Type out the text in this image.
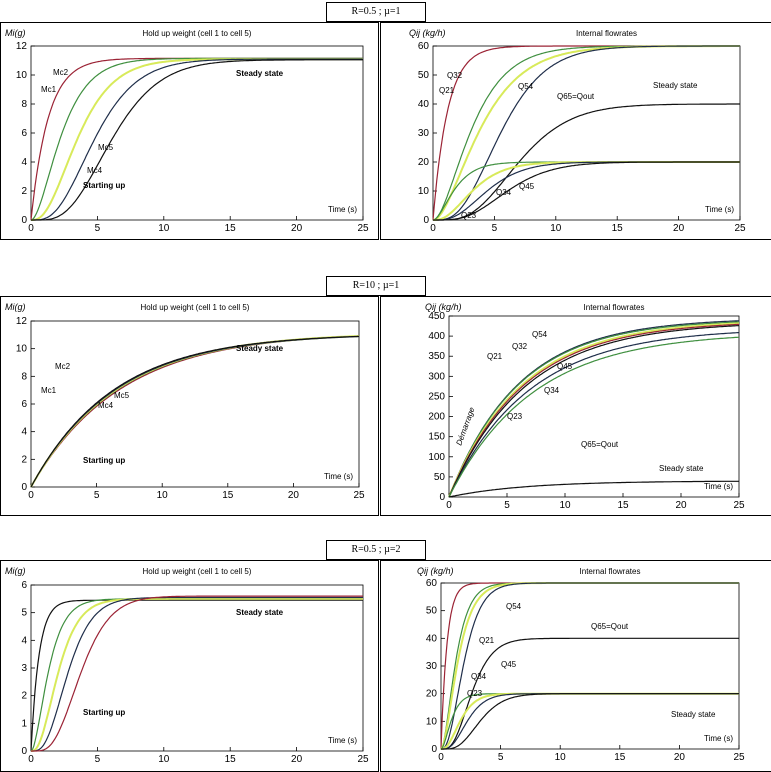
R=0.5 ; µ=1
R=10 ; µ=1
R=0.5 ; µ=2
0	5	10	15	20	25
0
2
4
6
8
10
12
Hold up weight (cell 1 to cell 5)
Mi(g)
Time (s)
Steady state
Starting up
Mc1
Mc2
Mc5
Mc4
0	5	10	15	20	25
0
10
20
30
40
50
60
Internal flowrates
Qij (kg/h)
Time (s)
Steady state
Q32
Q21	Q54
Q65=Qout
Q45
Q34
Q23
0	5	10	15	20	25
0
2
4
6
8
10
12
Hold up weight (cell 1 to cell 5)
Mi(g)
Time (s)
Steady state
Starting up
Mc2
Mc1
Mc4
Mc5
0	5	10	15	20	25
0
50
100
150
200
250
300
350
400
450
Internal flowrates
Qij (kg/h)
Time (s)
Steady state
Démarrage
Q54
Q32
Q21
Q45
Q34
Q23
Q65=Qout
0	5	10	15	20	25
0
1
2
3
4
5
6
Hold up weight (cell 1 to cell 5)
Mi(g)
Time (s)
Steady state
Starting up
0	5	10	15	20	25
0
10
20
30
40
50
60
Internal flowrates
Qij (kg/h)
Time (s)
Steady state
Q54
Q21
Q65=Qout
Q45
Q34
Q23
